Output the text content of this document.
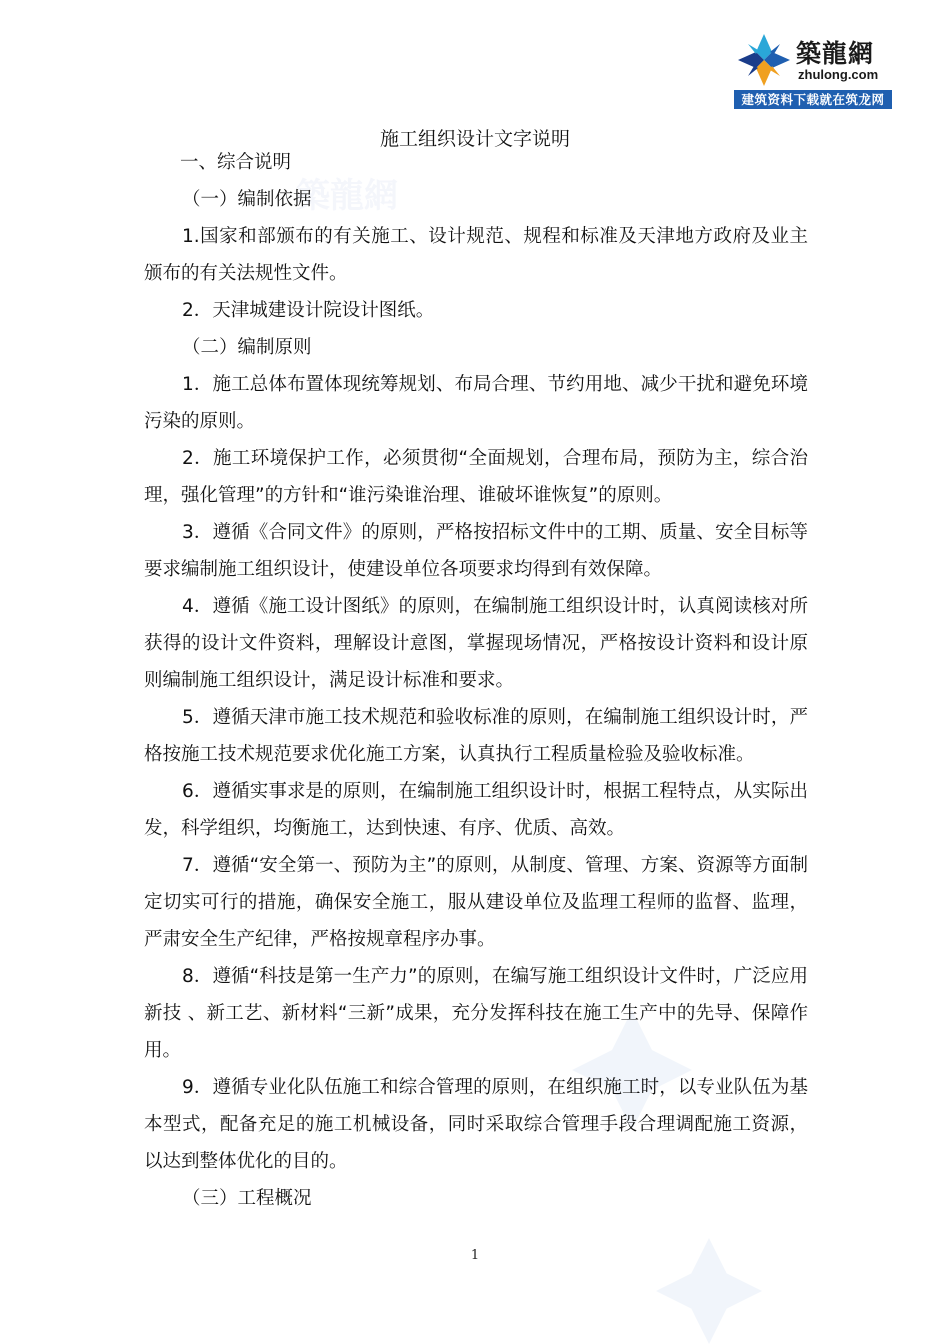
築龍網
築龍網
zhulong.com
建筑资料下载就在筑龙网
施工组织设计文字说明

一、综合说明

（一）编制依据

1.国家和部颁布的有关施工、设计规范、规程和标准及天津地方政府及业主颁布的有关法规性文件。

2．天津城建设计院设计图纸。

（二）编制原则

1．施工总体布置体现统筹规划、布局合理、节约用地、减少干扰和避免环境污染的原则。

2．施工环境保护工作，必须贯彻“全面规划，合理布局，预防为主，综合治理，强化管理”的方针和“谁污染谁治理、谁破坏谁恢复”的原则。

3．遵循《合同文件》的原则，严格按招标文件中的工期、质量、安全目标等要求编制施工组织设计，使建设单位各项要求均得到有效保障。

4．遵循《施工设计图纸》的原则，在编制施工组织设计时，认真阅读核对所获得的设计文件资料，理解设计意图，掌握现场情况，严格按设计资料和设计原则编制施工组织设计，满足设计标准和要求。

5．遵循天津市施工技术规范和验收标准的原则，在编制施工组织设计时，严格按施工技术规范要求优化施工方案，认真执行工程质量检验及验收标准。

6．遵循实事求是的原则，在编制施工组织设计时，根据工程特点，从实际出发，科学组织，均衡施工，达到快速、有序、优质、高效。

7．遵循“安全第一、预防为主”的原则，从制度、管理、方案、资源等方面制定切实可行的措施，确保安全施工，服从建设单位及监理工程师的监督、监理，严肃安全生产纪律，严格按规章程序办事。

8．遵循“科技是第一生产力”的原则，在编写施工组织设计文件时，广泛应用新技 、新工艺、新材料“三新”成果，充分发挥科技在施工生产中的先导、保障作用。

9．遵循专业化队伍施工和综合管理的原则，在组织施工时，以专业队伍为基本型式，配备充足的施工机械设备，同时采取综合管理手段合理调配施工资源，以达到整体优化的目的。

（三）工程概况

1
